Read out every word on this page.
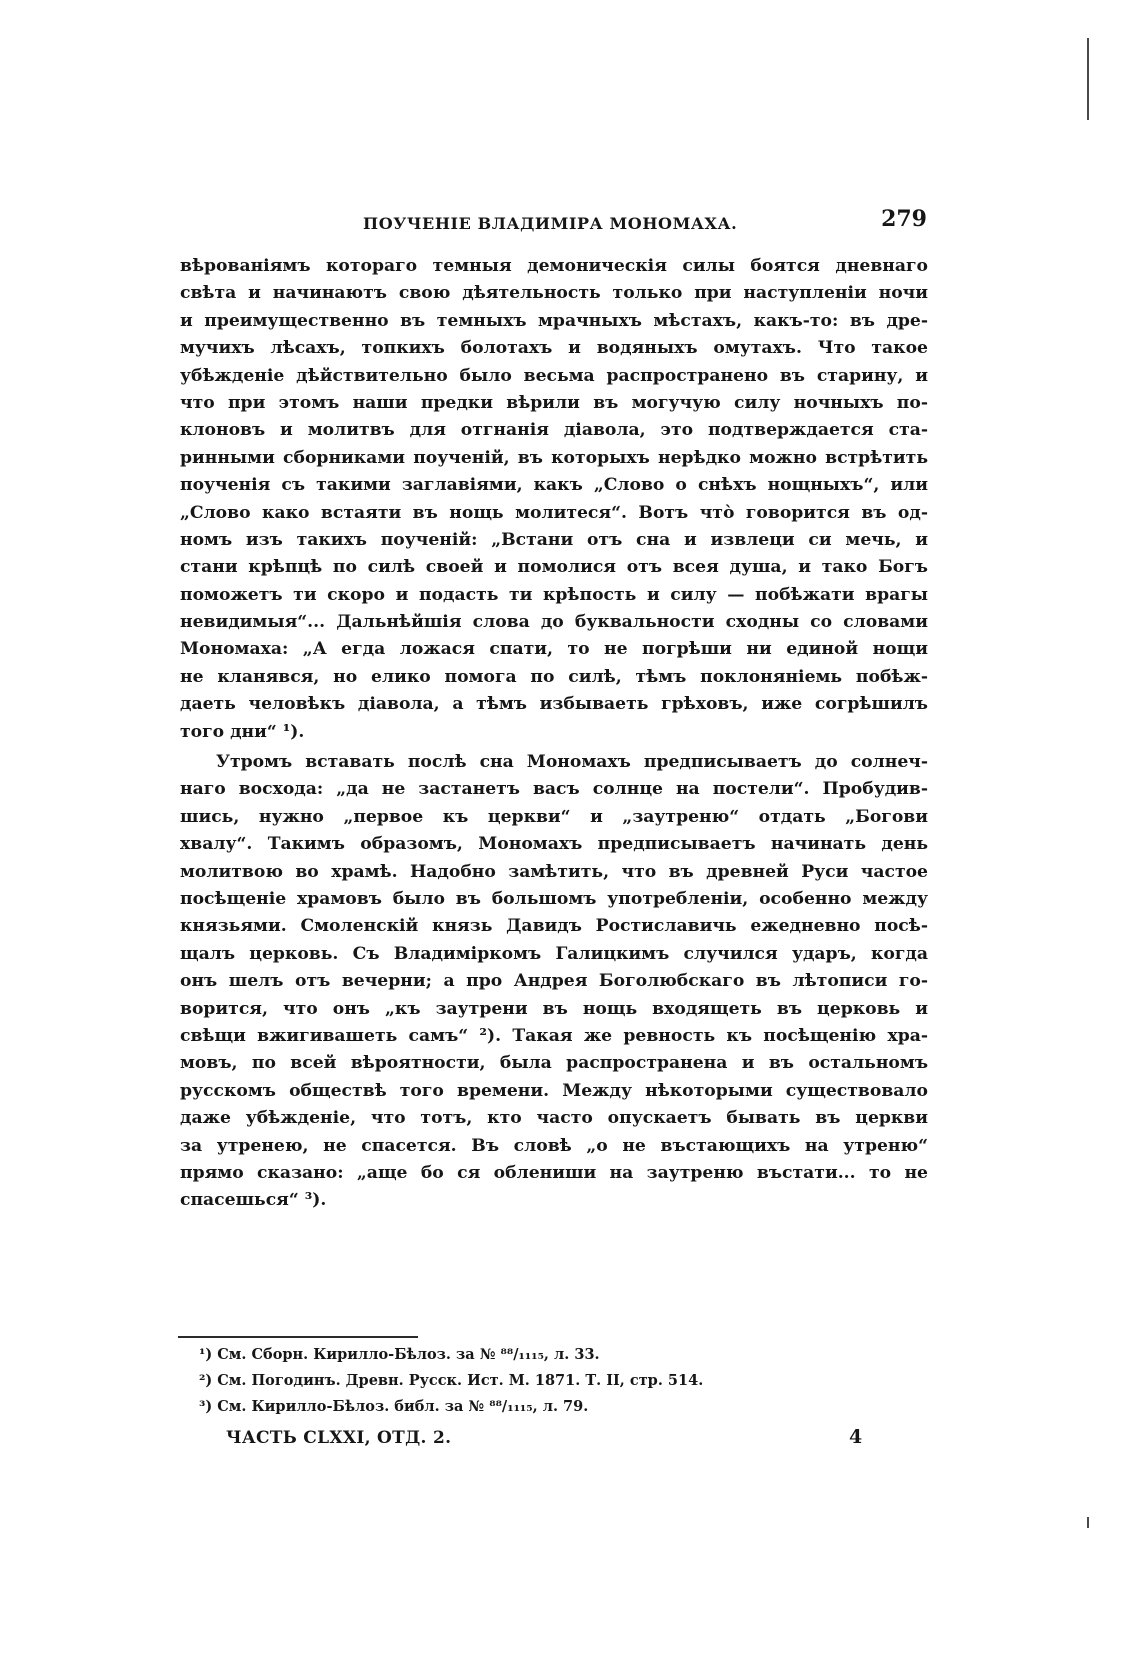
ПОУЧЕНІЕ ВЛАДИМІРА МОНОМАХА.	279
вѣрованіямъ котораго темныя демоническія силы боятся дневнаго
свѣта и начинаютъ свою дѣятельность только при наступленіи ночи
и преимущественно въ темныхъ мрачныхъ мѣстахъ, какъ-то: въ дре-
мучихъ лѣсахъ, топкихъ болотахъ и водяныхъ омутахъ. Что такое
убѣжденіе дѣйствительно было весьма распространено въ старину, и
что при этомъ наши предки вѣрили въ могучую силу ночныхъ по-
клоновъ и молитвъ для отгнанія діавола, это подтверждается ста-
ринными сборниками поученій, въ которыхъ нерѣдко можно встрѣтить
поученія съ такими заглавіями, какъ „Слово о снѣхъ нощныхъ“, или
„Слово како встаяти въ нощь молитеся“. Вотъ что̀ говорится въ од-
номъ изъ такихъ поученій: „Встани отъ сна и извлеци си мечь, и
стани крѣпцѣ по силѣ своей и помолися отъ всея душа, и тако Богъ
поможетъ ти скоро и подасть ти крѣпость и силу — побѣжати врагы
невидимыя“... Дальнѣйшія слова до буквальности сходны со словами
Мономаха: „А егда ложася спати, то не погрѣши ни единой нощи
не кланявся, но елико помога по силѣ, тѣмъ поклоняніемь побѣж-
даеть человѣкъ діавола, а тѣмъ избываеть грѣховъ, иже согрѣшилъ
того дни“ ¹).
Утромъ вставать послѣ сна Мономахъ предписываетъ до солнеч-
наго восхода: „да не застанетъ васъ солнце на постели“. Пробудив-
шись, нужно „первое къ церкви“ и „заутреню“ отдать „Богови
хвалу“. Такимъ образомъ, Мономахъ предписываетъ начинать день
молитвою во храмѣ. Надобно замѣтить, что въ древней Руси частое
посѣщеніе храмовъ было въ большомъ употребленіи, особенно между
князьями. Смоленскій князь Давидъ Ростиславичь ежедневно посѣ-
щалъ церковь. Съ Владимiркомъ Галицкимъ случился ударъ, когда
онъ шелъ отъ вечерни; а про Андрея Боголюбскаго въ лѣтописи го-
ворится, что онъ „къ заутрени въ нощь входящеть въ церковь и
свѣщи вжигивашеть самъ“ ²). Такая же ревность къ посѣщенію хра-
мовъ, по всей вѣроятности, была распространена и въ остальномъ
русскомъ обществѣ того времени. Между нѣкоторыми существовало
даже убѣжденіе, что тотъ, кто часто опускаетъ бывать въ церкви
за утренею, не спасется. Въ словѣ „о не въстающихъ на утреню“
прямо сказано: „аще бо ся облениши на заутреню въстати... то не
спасешься“ ³).
¹) См. Сборн. Кирилло-Бѣлоз. за № ⁸⁸/₁₁₁₅, л. 33.
²) См. Погодинъ. Древн. Русск. Ист. М. 1871. Т. II, стр. 514.
³) См. Кирилло-Бѣлоз. библ. за № ⁸⁸/₁₁₁₅, л. 79.
ЧАСТЬ CLXXI, ОТД. 2.	4
